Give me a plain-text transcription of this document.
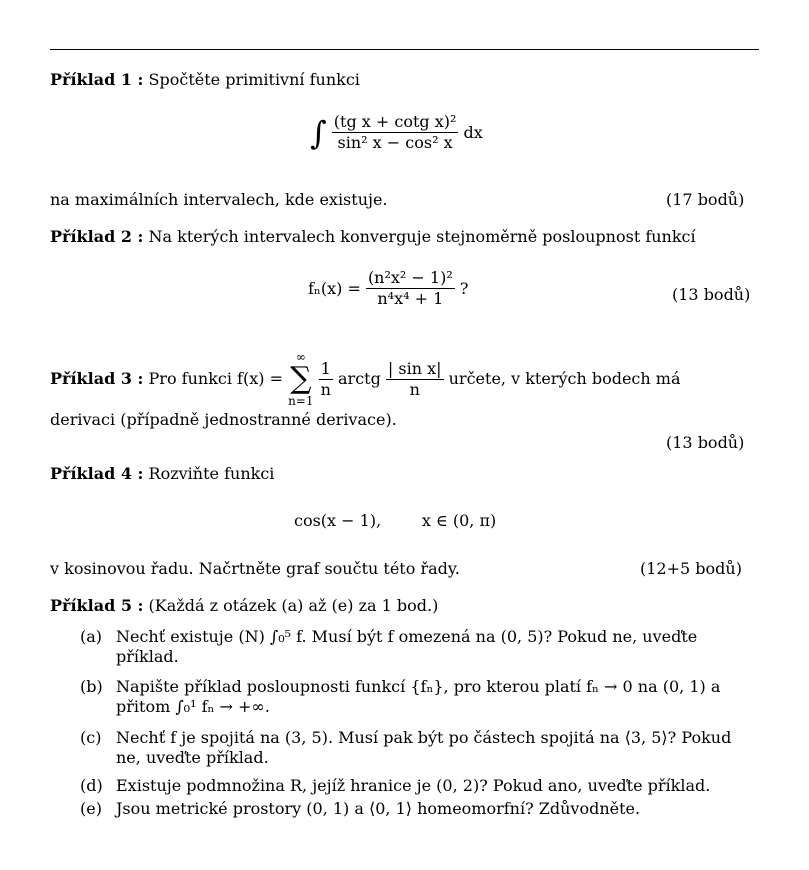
Příklad 1 : Spočtěte primitivní funkci
∫ $\frac{\text{(tg x + cotg x)²}}{\text{sin² x − cos² x}}$ dx
na maximálních intervalech, kde existuje.	(17 bodů)
Příklad 2 : Na kterých intervalech konverguje stejnoměrně posloupnost funkcí
$f_n(x) = \frac{\text{(n²x² − 1)²}}{\text{n⁴x⁴ + 1}}$ ?	(13 bodů)
Příklad 3 : Pro funkci f(x) =
∞
∑
n=1

$\frac{1}{n}$ arctg $\frac{\text{| sin x|}}{n}$ určete, v kterých bodech má
derivaci (případně jednostranné derivace).
(13 bodů)
Příklad 4 : Rozviňte funkci
cos(x − 1),        x ∈ (0, π)
v kosinovou řadu. Načrtněte graf součtu této řady.	(12+5 bodů)
Příklad 5 : (Každá z otázek (a) až (e) za 1 bod.)
(a) Nechť existuje (N) ∫₀⁵ f. Musí být f omezená na (0, 5)? Pokud ne, uveďte příklad.
(b) Napište příklad posloupnosti funkcí {fₙ}, pro kterou platí fₙ → 0 na (0, 1) a přitom ∫₀¹ fₙ → +∞.
(c) Nechť f je spojitá na (3, 5). Musí pak být po částech spojitá na ⟨3, 5⟩? Pokud ne, uveďte příklad.
(d) Existuje podmnožina R, jejíž hranice je (0, 2)? Pokud ano, uveďte příklad.
(e) Jsou metrické prostory (0, 1) a ⟨0, 1⟩ homeomorfní? Zdůvodněte.
